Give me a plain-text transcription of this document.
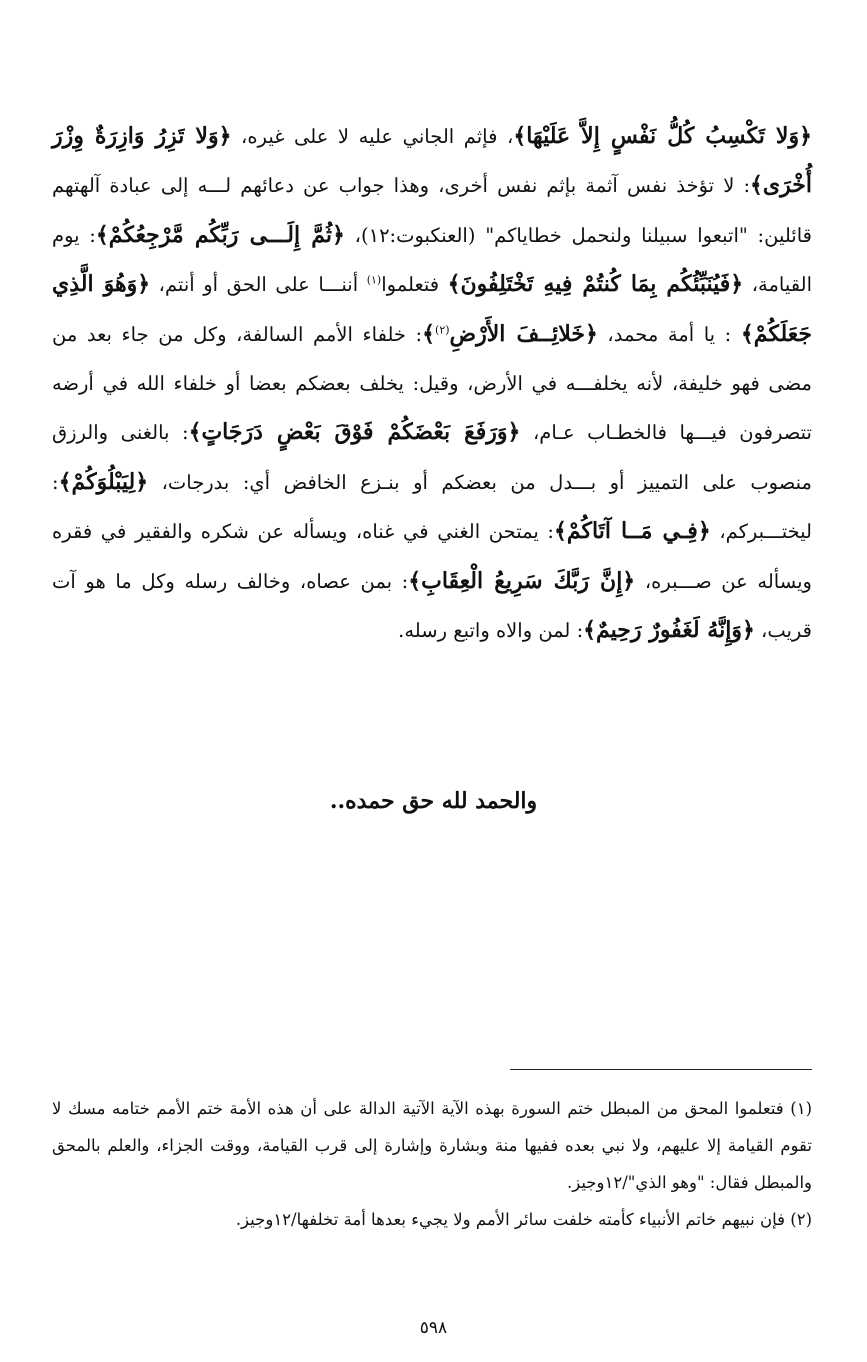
﴿وَلا تَكْسِبُ كُلُّ نَفْسٍ إِلاَّ عَلَيْهَا﴾، فإثم الجاني عليه لا على غيره، ﴿وَلا تَزِرُ وَازِرَةٌ وِزْرَ أُخْرَى﴾: لا تؤخذ نفس آثمة بإثم نفس أخرى، وهذا جواب عن دعائهم لـــه إلى عبادة آلهتهم قائلين: "اتبعوا سبيلنا ولنحمل خطاياكم" (العنكبوت:١٢)، ﴿ثُمَّ إِلَـــى رَبِّكُم مَّرْجِعُكُمْ﴾: يوم القيامة، ﴿فَيُنَبِّئُكُم بِمَا كُنتُمْ فِيهِ تَخْتَلِفُونَ﴾ فتعلموا$^{(١)}$ أننـــا على الحق أو أنتم، ﴿وَهُوَ الَّذِي جَعَلَكُمْ﴾ : يا أمة محمد، ﴿خَلائِــفَ الأَرْضِ$^{(٢)}$﴾: خلفاء الأمم السالفة، وكل من جاء بعد من مضى فهو خليفة، لأنه يخلفـــه في الأرض، وقيل: يخلف بعضكم بعضا أو خلفاء الله في أرضه تتصرفون فيـــها فالخطـاب عـام، ﴿وَرَفَعَ بَعْضَكُمْ فَوْقَ بَعْضٍ دَرَجَاتٍ﴾: بالغنى والرزق منصوب على التمييز أو بـــدل من بعضكم أو بنـزع الخافض أي: بدرجات، ﴿لِيَبْلُوَكُمْ﴾: ليختـــبركم، ﴿فِـي مَــا آتَاكُمْ﴾: يمتحن الغني في غناه، ويسأله عن شكره والفقير في فقره ويسأله عن صـــبره، ﴿إِنَّ رَبَّكَ سَرِيعُ الْعِقَابِ﴾: بمن عصاه، وخالف رسله وكل ما هو آت قريب، ﴿وَإِنَّهُ لَغَفُورٌ رَحِيمٌ﴾: لمن والاه واتبع رسله.

والحمد لله حق حمده..

(١) فتعلموا المحق من المبطل ختم السورة بهذه الآية الآتية الدالة على أن هذه الأمة ختم الأمم ختامه مسك لا تقوم القيامة إلا عليهم، ولا نبي بعده ففيها منة وبشارة وإشارة إلى قرب القيامة، ووقت الجزاء، والعلم بالمحق والمبطل فقال: "وهو الذي"/١٢وجيز.

(٢) فإن نبيهم خاتم الأنبياء كأمته خلفت سائر الأمم ولا يجيء بعدها أمة تخلفها/١٢وجيز.

٥٩٨
